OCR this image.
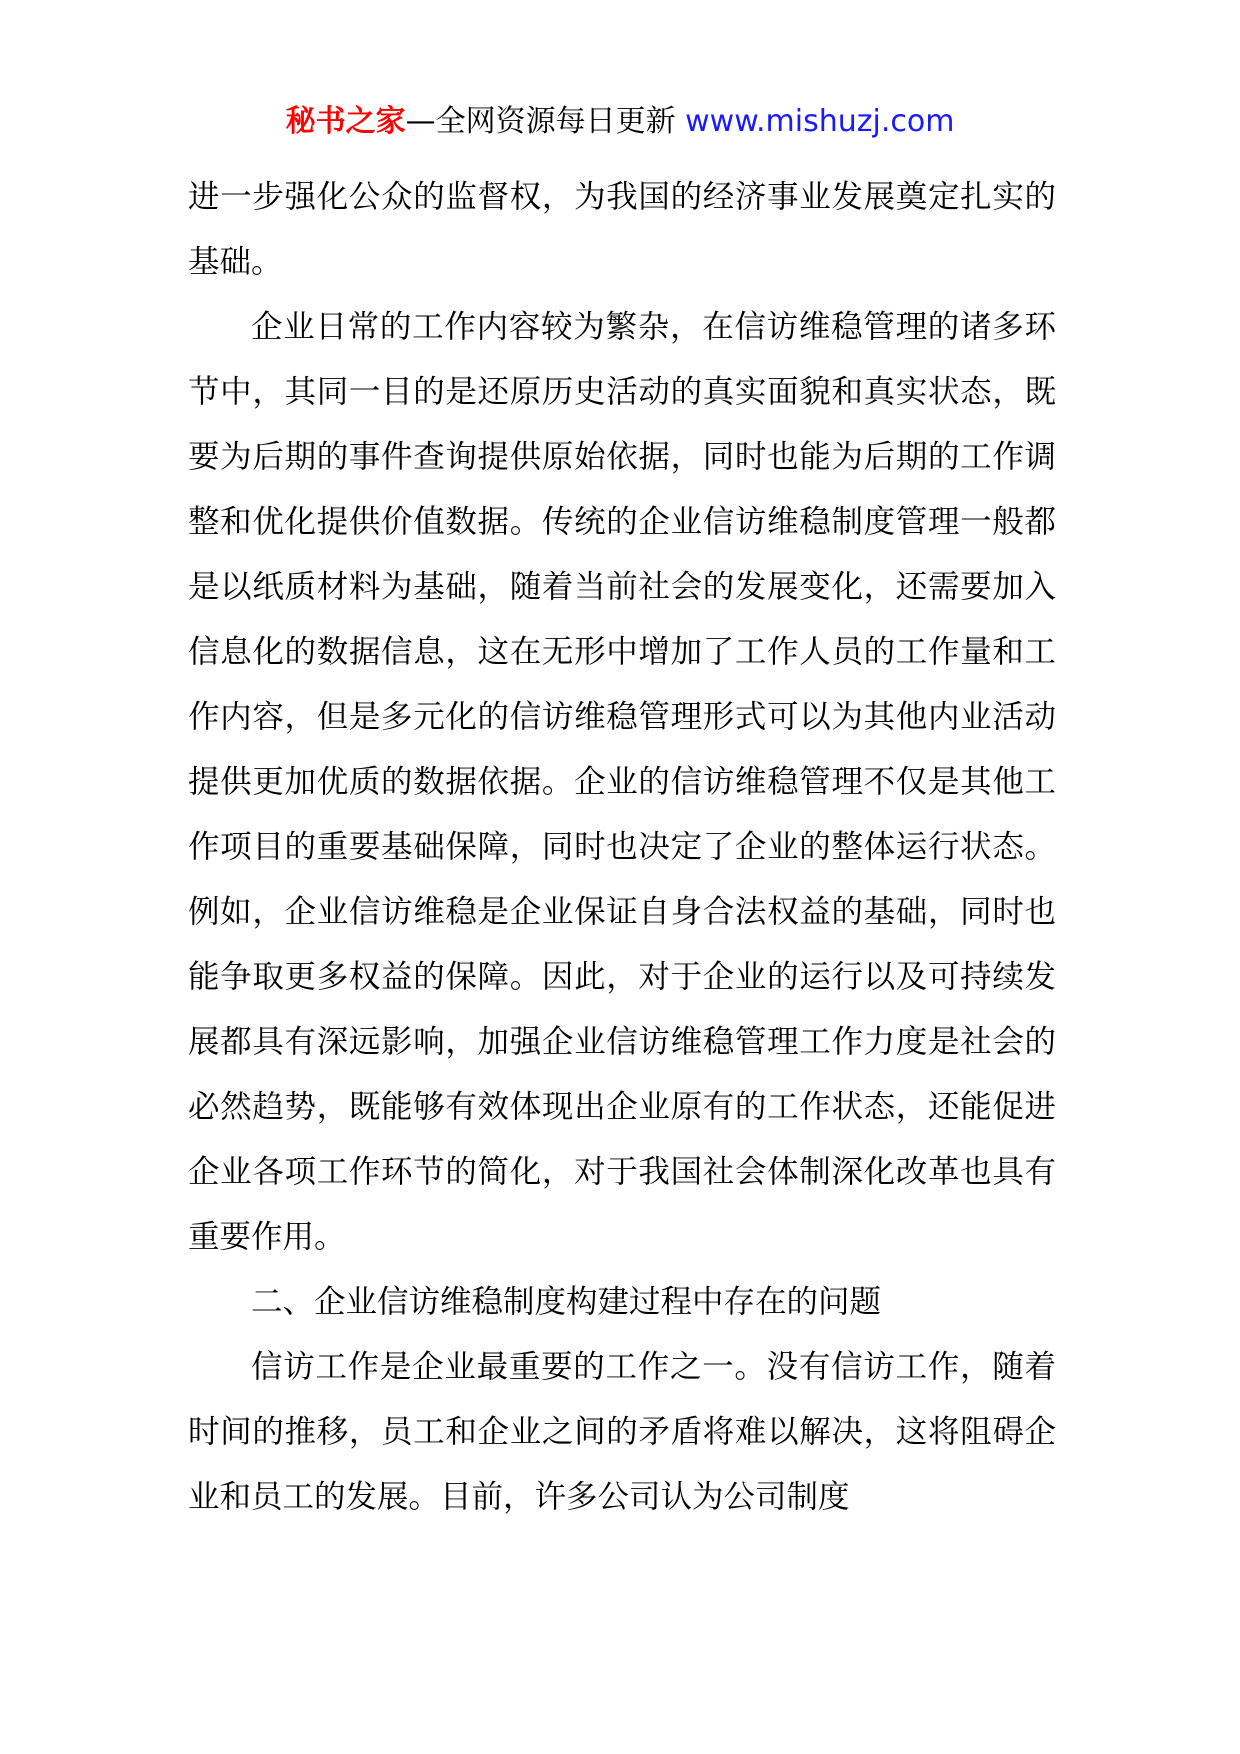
秘书之家—全网资源每日更新 www.mishuzj.com

进一步强化公众的监督权，为我国的经济事业发展奠定扎实的基础。

企业日常的工作内容较为繁杂，在信访维稳管理的诸多环节中，其同一目的是还原历史活动的真实面貌和真实状态，既要为后期的事件查询提供原始依据，同时也能为后期的工作调整和优化提供价值数据。传统的企业信访维稳制度管理一般都是以纸质材料为基础，随着当前社会的发展变化，还需要加入信息化的数据信息，这在无形中增加了工作人员的工作量和工作内容，但是多元化的信访维稳管理形式可以为其他内业活动提供更加优质的数据依据。企业的信访维稳管理不仅是其他工作项目的重要基础保障，同时也决定了企业的整体运行状态。例如，企业信访维稳是企业保证自身合法权益的基础，同时也能争取更多权益的保障。因此，对于企业的运行以及可持续发展都具有深远影响，加强企业信访维稳管理工作力度是社会的必然趋势，既能够有效体现出企业原有的工作状态，还能促进企业各项工作环节的简化，对于我国社会体制深化改革也具有重要作用。

二、企业信访维稳制度构建过程中存在的问题

信访工作是企业最重要的工作之一。没有信访工作，随着时间的推移，员工和企业之间的矛盾将难以解决，这将阻碍企业和员工的发展。目前，许多公司认为公司制度
